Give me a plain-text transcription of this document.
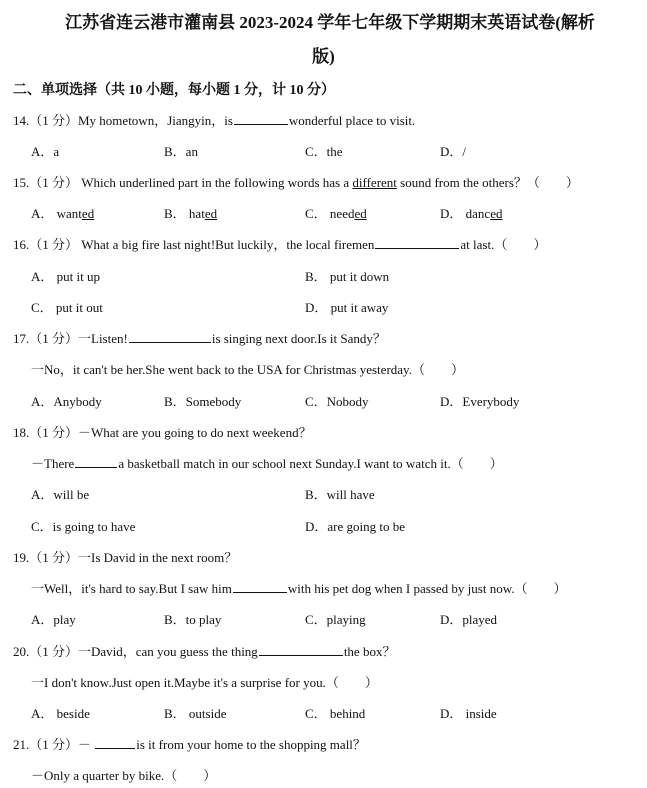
江苏省连云港市灌南县 2023-2024 学年七年级下学期期末英语试卷(解析
版)
二、单项选择（共 10 小题，每小题 1 分，计 10 分）
14.（1 分）My hometown，Jiangyin，is	wonderful place to visit.
A．a	B．an	C．the	D．/
15.（1 分） Which underlined part in the following words has a different sound from the others？（　　）
A． wanted	B． hated	C． needed	D． danced
16.（1 分） What a big fire last night!But luckily，the local firemen	at last.（　　）
A． put it up	B． put it down
C． put it out	D． put it away
17.（1 分）一Listen!	is singing next door.Is it Sandy？
一No，it can't be her.She went back to the USA for Christmas yesterday.（　　）
A．Anybody	B．Somebody	C．Nobody	D．Everybody
18.（1 分）－What are you going to do next weekend？
－There	a basketball match in our school next Sunday.I want to watch it.（　　）
A．will be	B．will have
C．is going to have	D．are going to be
19.（1 分）一Is David in the next room？
一Well，it's hard to say.But I saw him	with his pet dog when I passed by just now.（　　）
A．play	B．to play	C．playing	D．played
20.（1 分）一David，can you guess the thing	the box？
一I don't know.Just open it.Maybe it's a surprise for you.（　　）
A． beside	B． outside	C． behind	D． inside
21.（1 分）－	is it from your home to the shopping mall？
－Only a quarter by bike.（　　）
